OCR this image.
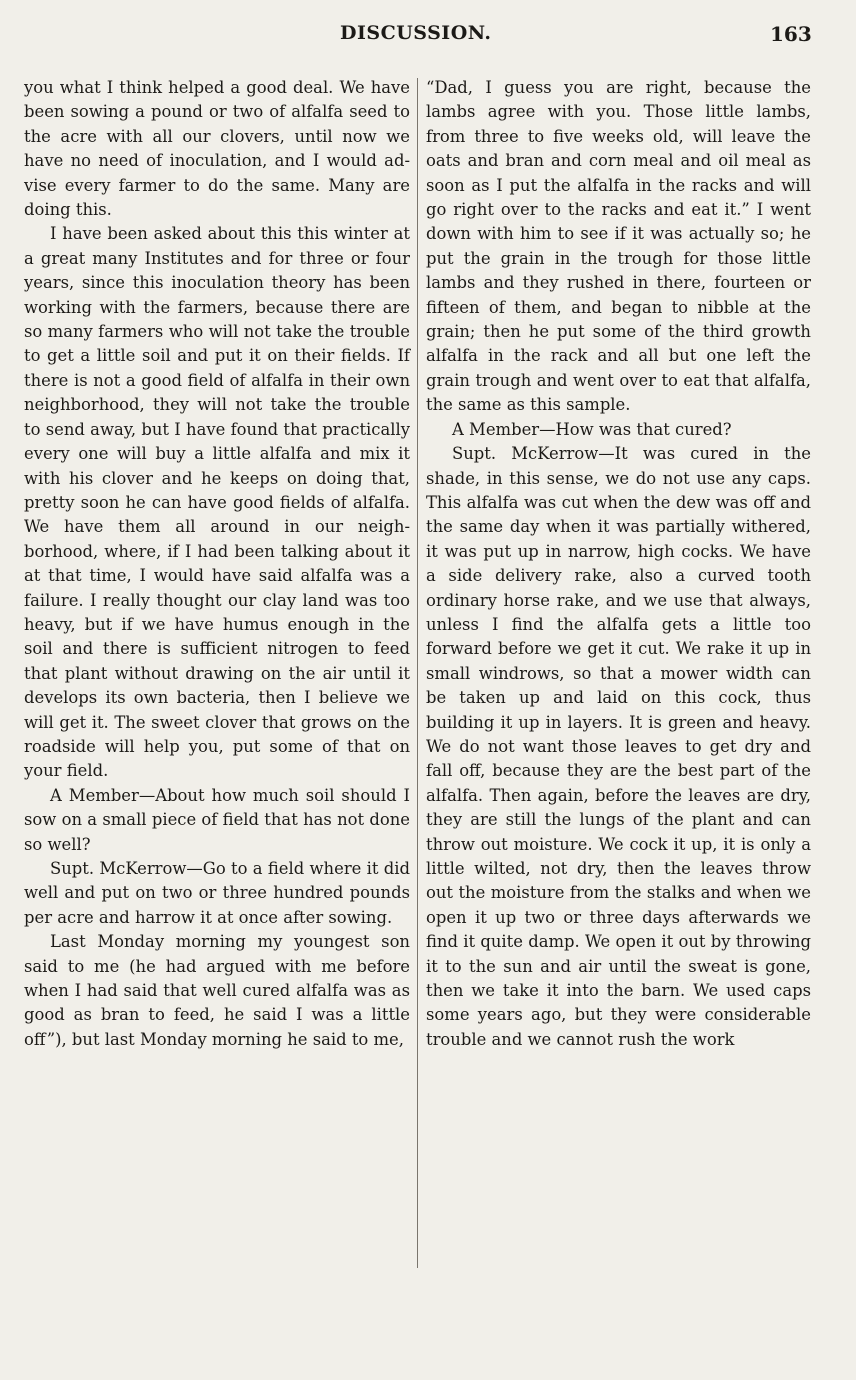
DISCUSSION.	163

you what I think helped a good deal. We have been sowing a pound or two of alfalfa seed to the acre with all our clovers, until now we have no need of inoculation, and I would advise every farmer to do the same. Many are doing this.

I have been asked about this this winter at a great many Institutes and for three or four years, since this inoculation theory has been working with the farmers, because there are so many farmers who will not take the trouble to get a little soil and put it on their fields. If there is not a good field of alfalfa in their own neighborhood, they will not take the trouble to send away, but I have found that practically every one will buy a little alfalfa and mix it with his clover and he keeps on doing that, pretty soon he can have good fields of alfalfa. We have them all around in our neighborhood, where, if I had been talking about it at that time, I would have said alfalfa was a failure. I really thought our clay land was too heavy, but if we have humus enough in the soil and there is sufficient nitrogen to feed that plant without drawing on the air until it develops its own bacteria, then I believe we will get it. The sweet clover that grows on the roadside will help you, put some of that on your field.

A Member—About how much soil should I sow on a small piece of field that has not done so well?

Supt. McKerrow—Go to a field where it did well and put on two or three hundred pounds per acre and harrow it at once after sowing.

Last Monday morning my youngest son said to me (he had argued with me before when I had said that well cured alfalfa was as good as bran to feed, he said I was a little off”), but last Monday morning he said to me,

“Dad, I guess you are right, because the lambs agree with you. Those little lambs, from three to five weeks old, will leave the oats and bran and corn meal and oil meal as soon as I put the alfalfa in the racks and will go right over to the racks and eat it.” I went down with him to see if it was actually so; he put the grain in the trough for those little lambs and they rushed in there, fourteen or fifteen of them, and began to nibble at the grain; then he put some of the third growth alfalfa in the rack and all but one left the grain trough and went over to eat that alfalfa, the same as this sample.

A Member—How was that cured?

Supt. McKerrow—It was cured in the shade, in this sense, we do not use any caps. This alfalfa was cut when the dew was off and the same day when it was partially withered, it was put up in narrow, high cocks. We have a side delivery rake, also a curved tooth ordinary horse rake, and we use that always, unless I find the alfalfa gets a little too forward before we get it cut. We rake it up in small windrows, so that a mower width can be taken up and laid on this cock, thus building it up in layers. It is green and heavy. We do not want those leaves to get dry and fall off, because they are the best part of the alfalfa. Then again, before the leaves are dry, they are still the lungs of the plant and can throw out moisture. We cock it up, it is only a little wilted, not dry, then the leaves throw out the moisture from the stalks and when we open it up two or three days afterwards we find it quite damp. We open it out by throwing it to the sun and air until the sweat is gone, then we take it into the barn. We used caps some years ago, but they were considerable trouble and we cannot rush the work
